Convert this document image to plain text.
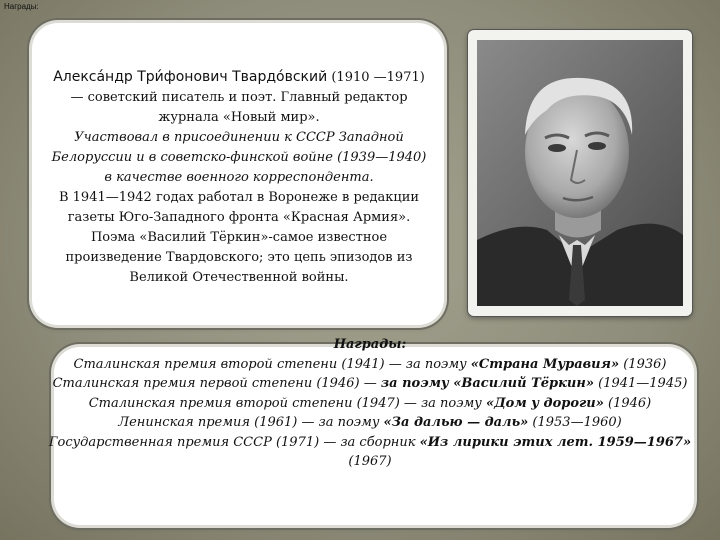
Награды:
Алекса́ндр Три́фонович Твардо́вский (1910 —1971) — советский писатель и поэт. Главный редактор журнала «Новый мир».
Участвовал в присоединении к СССР Западной Белоруссии и в советско-финской войне (1939—1940) в качестве военного корреспондента.
В 1941—1942 годах работал в Воронеже в редакции газеты Юго-Западного фронта «Красная Армия».
Поэма «Василий Тёркин»-самое известное произведение Твардовского; это цепь эпизодов из Великой Отечественной войны.
Награды:
Сталинская премия второй степени (1941) — за поэму «Страна Муравия» (1936)
Сталинская премия первой степени (1946) — за поэму «Василий Тёркин» (1941—1945)
Сталинская премия второй степени (1947) — за поэму «Дом у дороги» (1946)
Ленинская премия (1961) — за поэму «За далью — даль» (1953—1960)
Государственная премия СССР (1971) — за сборник «Из лирики этих лет. 1959—1967» (1967)
